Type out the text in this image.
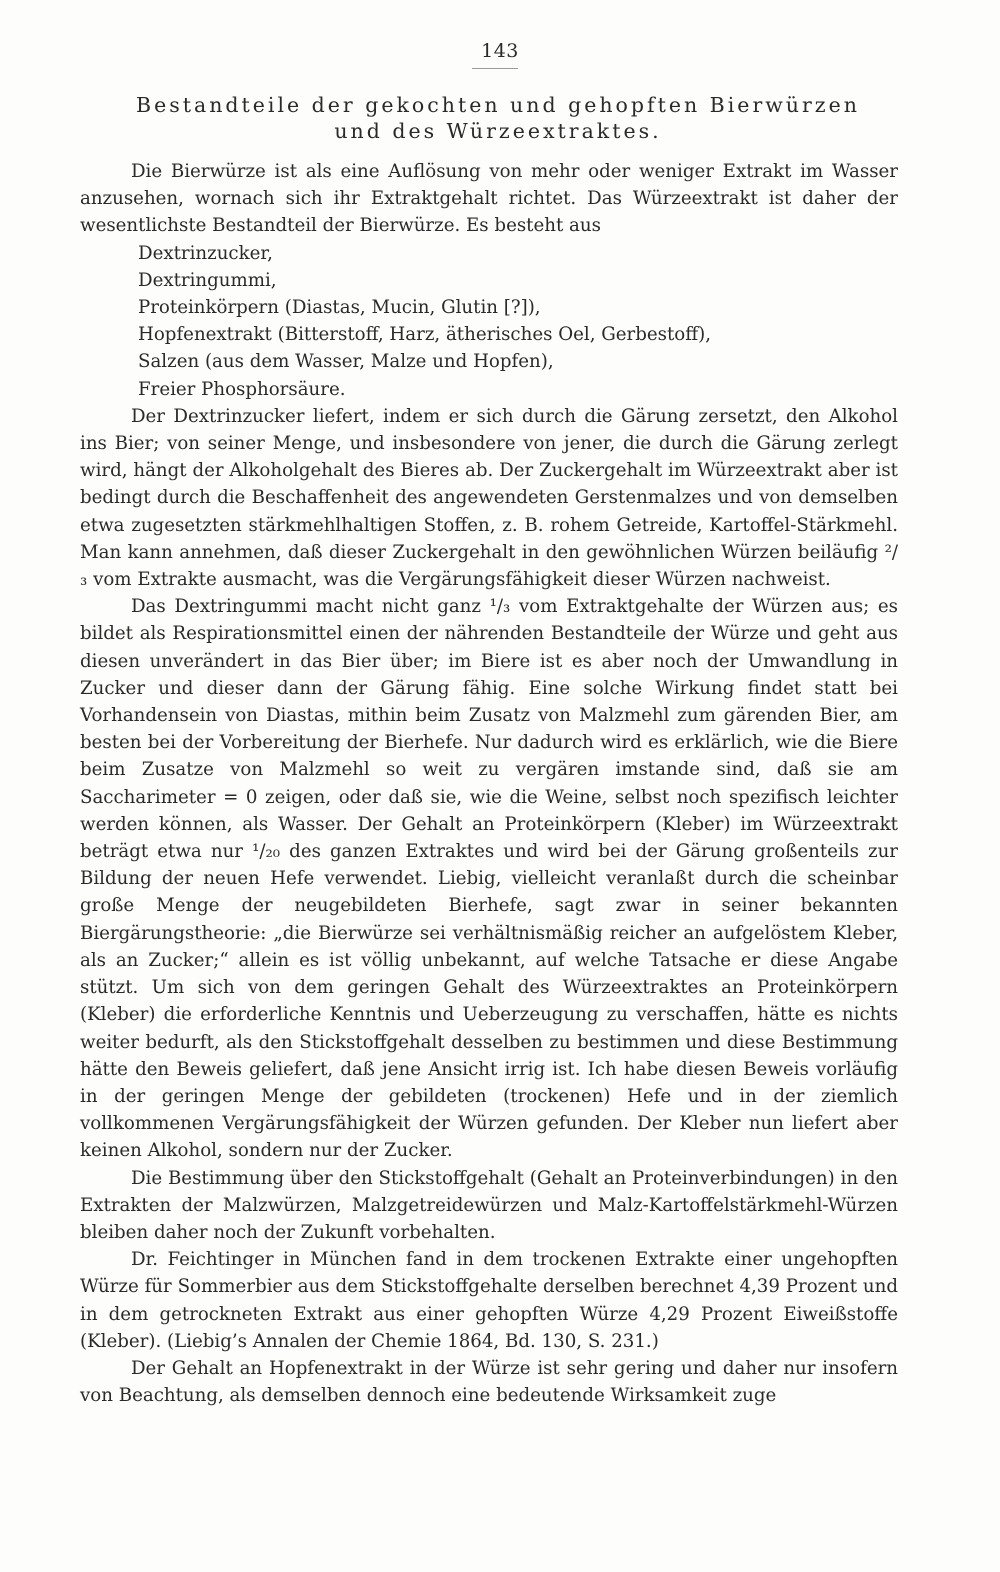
143
Bestandteile der gekochten und gehopften Bierwürzen
und des Würzeextraktes.

Die Bierwürze ist als eine Auflösung von mehr oder weniger Extrakt im Wasser anzusehen, wornach sich ihr Extraktgehalt richtet. Das Würzeextrakt ist daher der wesentlichste Bestandteil der Bierwürze. Es besteht aus

Dextrinzucker,
Dextringummi,
Proteinkörpern (Diastas, Mucin, Glutin [?]),
Hopfenextrakt (Bitterstoff, Harz, ätherisches Oel, Gerbestoff),
Salzen (aus dem Wasser, Malze und Hopfen),

Freier Phosphorsäure.

Der Dextrinzucker liefert, indem er sich durch die Gärung zersetzt, den Alkohol ins Bier; von seiner Menge, und insbesondere von jener, die durch die Gärung zerlegt wird, hängt der Alkoholgehalt des Bieres ab. Der Zuckergehalt im Würzeextrakt aber ist bedingt durch die Beschaffenheit des angewendeten Gerstenmalzes und von demselben etwa zugesetzten stärkmehlhaltigen Stoffen, z. B. rohem Getreide, Kartoffel-Stärkmehl. Man kann annehmen, daß dieser Zuckergehalt in den gewöhnlichen Würzen beiläufig ²/₃ vom Extrakte ausmacht, was die Vergärungsfähigkeit dieser Würzen nachweist.

Das Dextringummi macht nicht ganz ¹/₃ vom Extraktgehalte der Würzen aus; es bildet als Respirationsmittel einen der nährenden Bestandteile der Würze und geht aus diesen unverändert in das Bier über; im Biere ist es aber noch der Umwandlung in Zucker und dieser dann der Gärung fähig. Eine solche Wirkung findet statt bei Vorhandensein von Diastas, mithin beim Zusatz von Malzmehl zum gärenden Bier, am besten bei der Vorbereitung der Bierhefe. Nur dadurch wird es erklärlich, wie die Biere beim Zusatze von Malzmehl so weit zu vergären imstande sind, daß sie am Saccharimeter = 0 zeigen, oder daß sie, wie die Weine, selbst noch spezifisch leichter werden können, als Wasser. Der Gehalt an Proteinkörpern (Kleber) im Würzeextrakt beträgt etwa nur ¹/₂₀ des ganzen Extraktes und wird bei der Gärung großenteils zur Bildung der neuen Hefe verwendet. Liebig, vielleicht veranlaßt durch die scheinbar große Menge der neugebildeten Bierhefe, sagt zwar in seiner bekannten Biergärungstheorie: „die Bierwürze sei verhältnismäßig reicher an aufgelöstem Kleber, als an Zucker;“ allein es ist völlig unbekannt, auf welche Tatsache er diese Angabe stützt. Um sich von dem geringen Gehalt des Würzeextraktes an Proteinkörpern (Kleber) die erforderliche Kenntnis und Ueberzeugung zu verschaffen, hätte es nichts weiter bedurft, als den Stickstoffgehalt desselben zu bestimmen und diese Bestimmung hätte den Beweis geliefert, daß jene Ansicht irrig ist. Ich habe diesen Beweis vorläufig in der geringen Menge der gebildeten (trockenen) Hefe und in der ziemlich vollkommenen Vergärungsfähigkeit der Würzen gefunden. Der Kleber nun liefert aber keinen Alkohol, sondern nur der Zucker.

Die Bestimmung über den Stickstoffgehalt (Gehalt an Proteinverbindungen) in den Extrakten der Malzwürzen, Malzgetreidewürzen und Malz-Kartoffelstärkmehl-Würzen bleiben daher noch der Zukunft vorbehalten.

Dr. Feichtinger in München fand in dem trockenen Extrakte einer ungehopften Würze für Sommerbier aus dem Stickstoffgehalte derselben berechnet 4,39 Prozent und in dem getrockneten Extrakt aus einer gehopften Würze 4,29 Prozent Eiweißstoffe (Kleber). (Liebig’s Annalen der Chemie 1864, Bd. 130, S. 231.)

Der Gehalt an Hopfenextrakt in der Würze ist sehr gering und daher nur insofern von Beachtung, als demselben dennoch eine bedeutende Wirksamkeit zuge
